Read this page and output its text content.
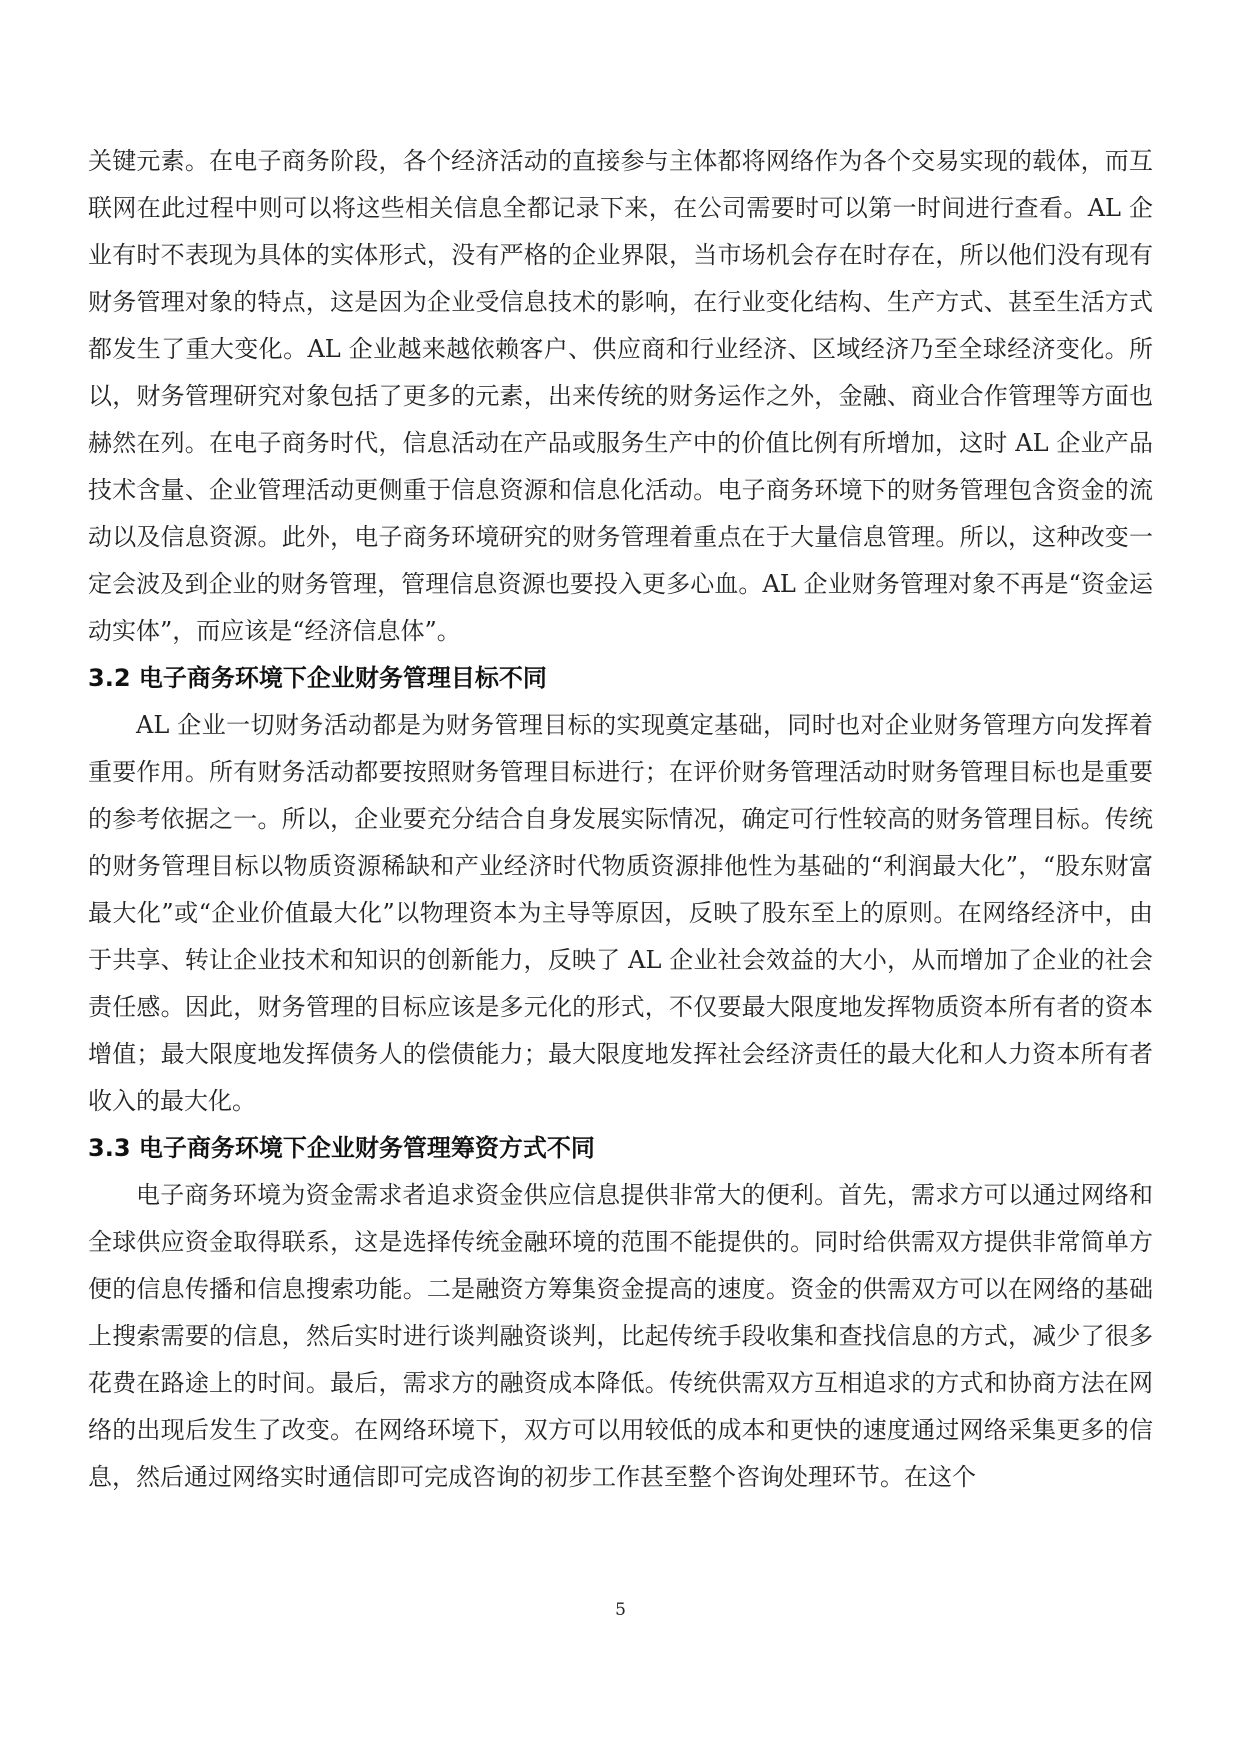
关键元素。在电子商务阶段，各个经济活动的直接参与主体都将网络作为各个交易实现的载体，而互联网在此过程中则可以将这些相关信息全都记录下来，在公司需要时可以第一时间进行查看。AL 企业有时不表现为具体的实体形式，没有严格的企业界限，当市场机会存在时存在，所以他们没有现有财务管理对象的特点，这是因为企业受信息技术的影响，在行业变化结构、生产方式、甚至生活方式都发生了重大变化。AL 企业越来越依赖客户、供应商和行业经济、区域经济乃至全球经济变化。所以，财务管理研究对象包括了更多的元素，出来传统的财务运作之外，金融、商业合作管理等方面也赫然在列。在电子商务时代，信息活动在产品或服务生产中的价值比例有所增加，这时 AL 企业产品技术含量、企业管理活动更侧重于信息资源和信息化活动。电子商务环境下的财务管理包含资金的流动以及信息资源。此外，电子商务环境研究的财务管理着重点在于大量信息管理。所以，这种改变一定会波及到企业的财务管理，管理信息资源也要投入更多心血。AL 企业财务管理对象不再是“资金运动实体”，而应该是“经济信息体”。

3.2 电子商务环境下企业财务管理目标不同

AL 企业一切财务活动都是为财务管理目标的实现奠定基础，同时也对企业财务管理方向发挥着重要作用。所有财务活动都要按照财务管理目标进行；在评价财务管理活动时财务管理目标也是重要的参考依据之一。所以，企业要充分结合自身发展实际情况，确定可行性较高的财务管理目标。传统的财务管理目标以物质资源稀缺和产业经济时代物质资源排他性为基础的“利润最大化”，“股东财富最大化”或“企业价值最大化”以物理资本为主导等原因，反映了股东至上的原则。在网络经济中，由于共享、转让企业技术和知识的创新能力，反映了 AL 企业社会效益的大小，从而增加了企业的社会责任感。因此，财务管理的目标应该是多元化的形式，不仅要最大限度地发挥物质资本所有者的资本增值；最大限度地发挥债务人的偿债能力；最大限度地发挥社会经济责任的最大化和人力资本所有者收入的最大化。

3.3 电子商务环境下企业财务管理筹资方式不同

电子商务环境为资金需求者追求资金供应信息提供非常大的便利。首先，需求方可以通过网络和全球供应资金取得联系，这是选择传统金融环境的范围不能提供的。同时给供需双方提供非常简单方便的信息传播和信息搜索功能。二是融资方筹集资金提高的速度。资金的供需双方可以在网络的基础上搜索需要的信息，然后实时进行谈判融资谈判，比起传统手段收集和查找信息的方式，减少了很多花费在路途上的时间。最后，需求方的融资成本降低。传统供需双方互相追求的方式和协商方法在网络的出现后发生了改变。在网络环境下，双方可以用较低的成本和更快的速度通过网络采集更多的信息，然后通过网络实时通信即可完成咨询的初步工作甚至整个咨询处理环节。在这个

5
